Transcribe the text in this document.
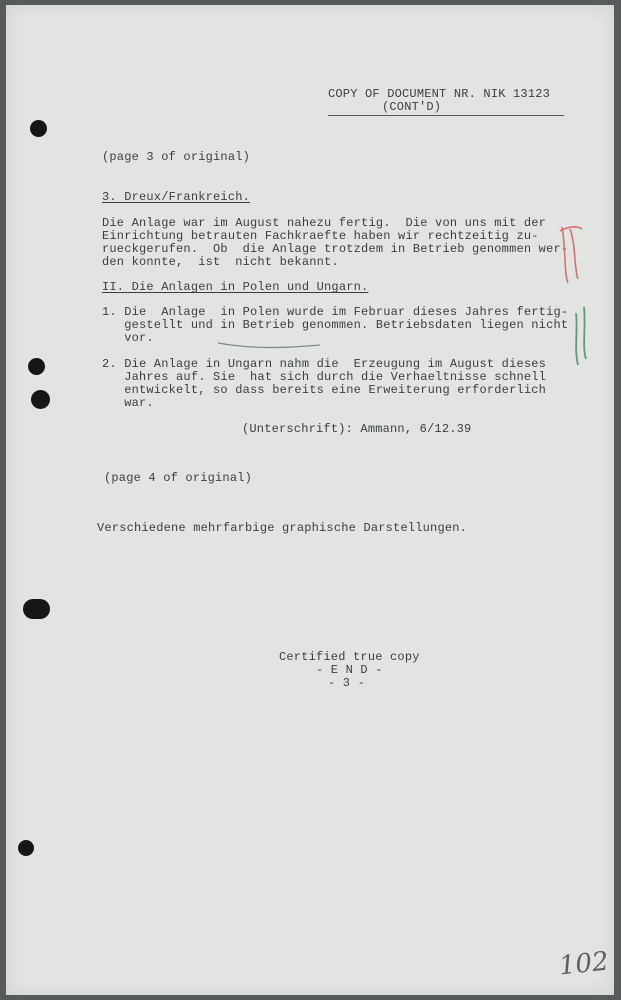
COPY OF DOCUMENT NR. NIK 13123
(CONT'D)
(page 3 of original)
3. Dreux/Frankreich.
Die Anlage war im August nahezu fertig.  Die von uns mit der
Einrichtung betrauten Fachkraefte haben wir rechtzeitig zu-
rueckgerufen.  Ob  die Anlage trotzdem in Betrieb genommen wer-
den konnte,  ist  nicht bekannt.
II. Die Anlagen in Polen und Ungarn.
1. Die  Anlage  in Polen wurde im Februar dieses Jahres fertig-
gestellt und in Betrieb genommen. Betriebsdaten liegen nicht
vor.
2. Die Anlage in Ungarn nahm die  Erzeugung im August dieses
Jahres auf. Sie  hat sich durch die Verhaeltnisse schnell
entwickelt, so dass bereits eine Erweiterung erforderlich
war.
(Unterschrift): Ammann, 6/12.39
(page 4 of original)
Verschiedene mehrfarbige graphische Darstellungen.
Certified true copy
- E N D -
- 3 -
102
